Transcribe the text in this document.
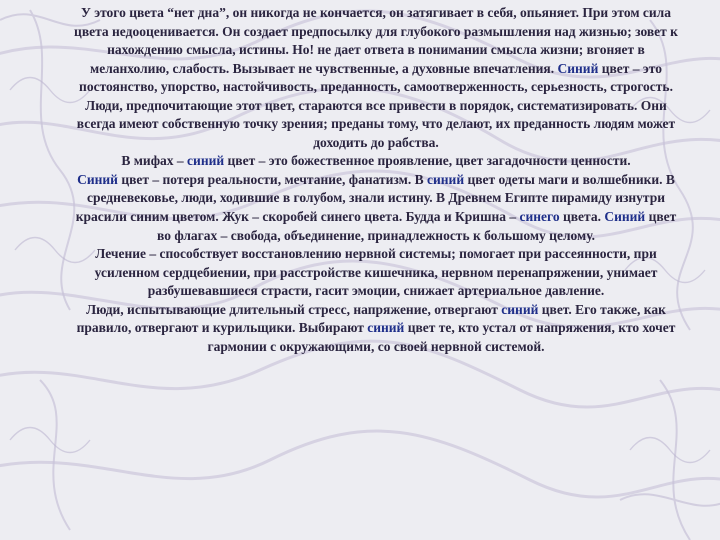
У этого цвета “нет дна”, он никогда не кончается, он затягивает в себя, опьяняет. При этом сила цвета недооценивается. Он создает предпосылку для глубокого размышления над жизнью; зовет к нахождению смысла, истины. Но! не дает ответа в понимании смысла жизни; вгоняет в меланхолию, слабость. Вызывает не чувственные, а духовные впечатления. Синий цвет – это постоянство, упорство, настойчивость, преданность, самоотверженность, серьезность, строгость.

Люди, предпочитающие этот цвет, стараются все привести в порядок, систематизировать. Они всегда имеют собственную точку зрения; преданы тому, что делают, их преданность людям может доходить до рабства.

В мифах – синий цвет – это божественное проявление, цвет загадочности ценности.

Синий цвет – потеря реальности, мечтание, фанатизм. В синий цвет одеты маги и волшебники. В средневековье, люди, ходившие в голубом, знали истину. В Древнем Египте пирамиду изнутри красили синим цветом. Жук – скоробей синего цвета. Будда и Кришна – синего цвета. Синий цвет во флагах – свобода, объединение, принадлежность к большому целому.

Лечение – способствует восстановлению нервной системы; помогает при рассеянности, при усиленном сердцебиении, при расстройстве кишечника, нервном перенапряжении, унимает разбушевавшиеся страсти, гасит эмоции, снижает артериальное давление.

Люди, испытывающие длительный стресс, напряжение, отвергают синий цвет. Его также, как правило, отвергают и курильщики. Выбирают синий цвет те, кто устал от напряжения, кто хочет гармонии с окружающими, со своей нервной системой.
